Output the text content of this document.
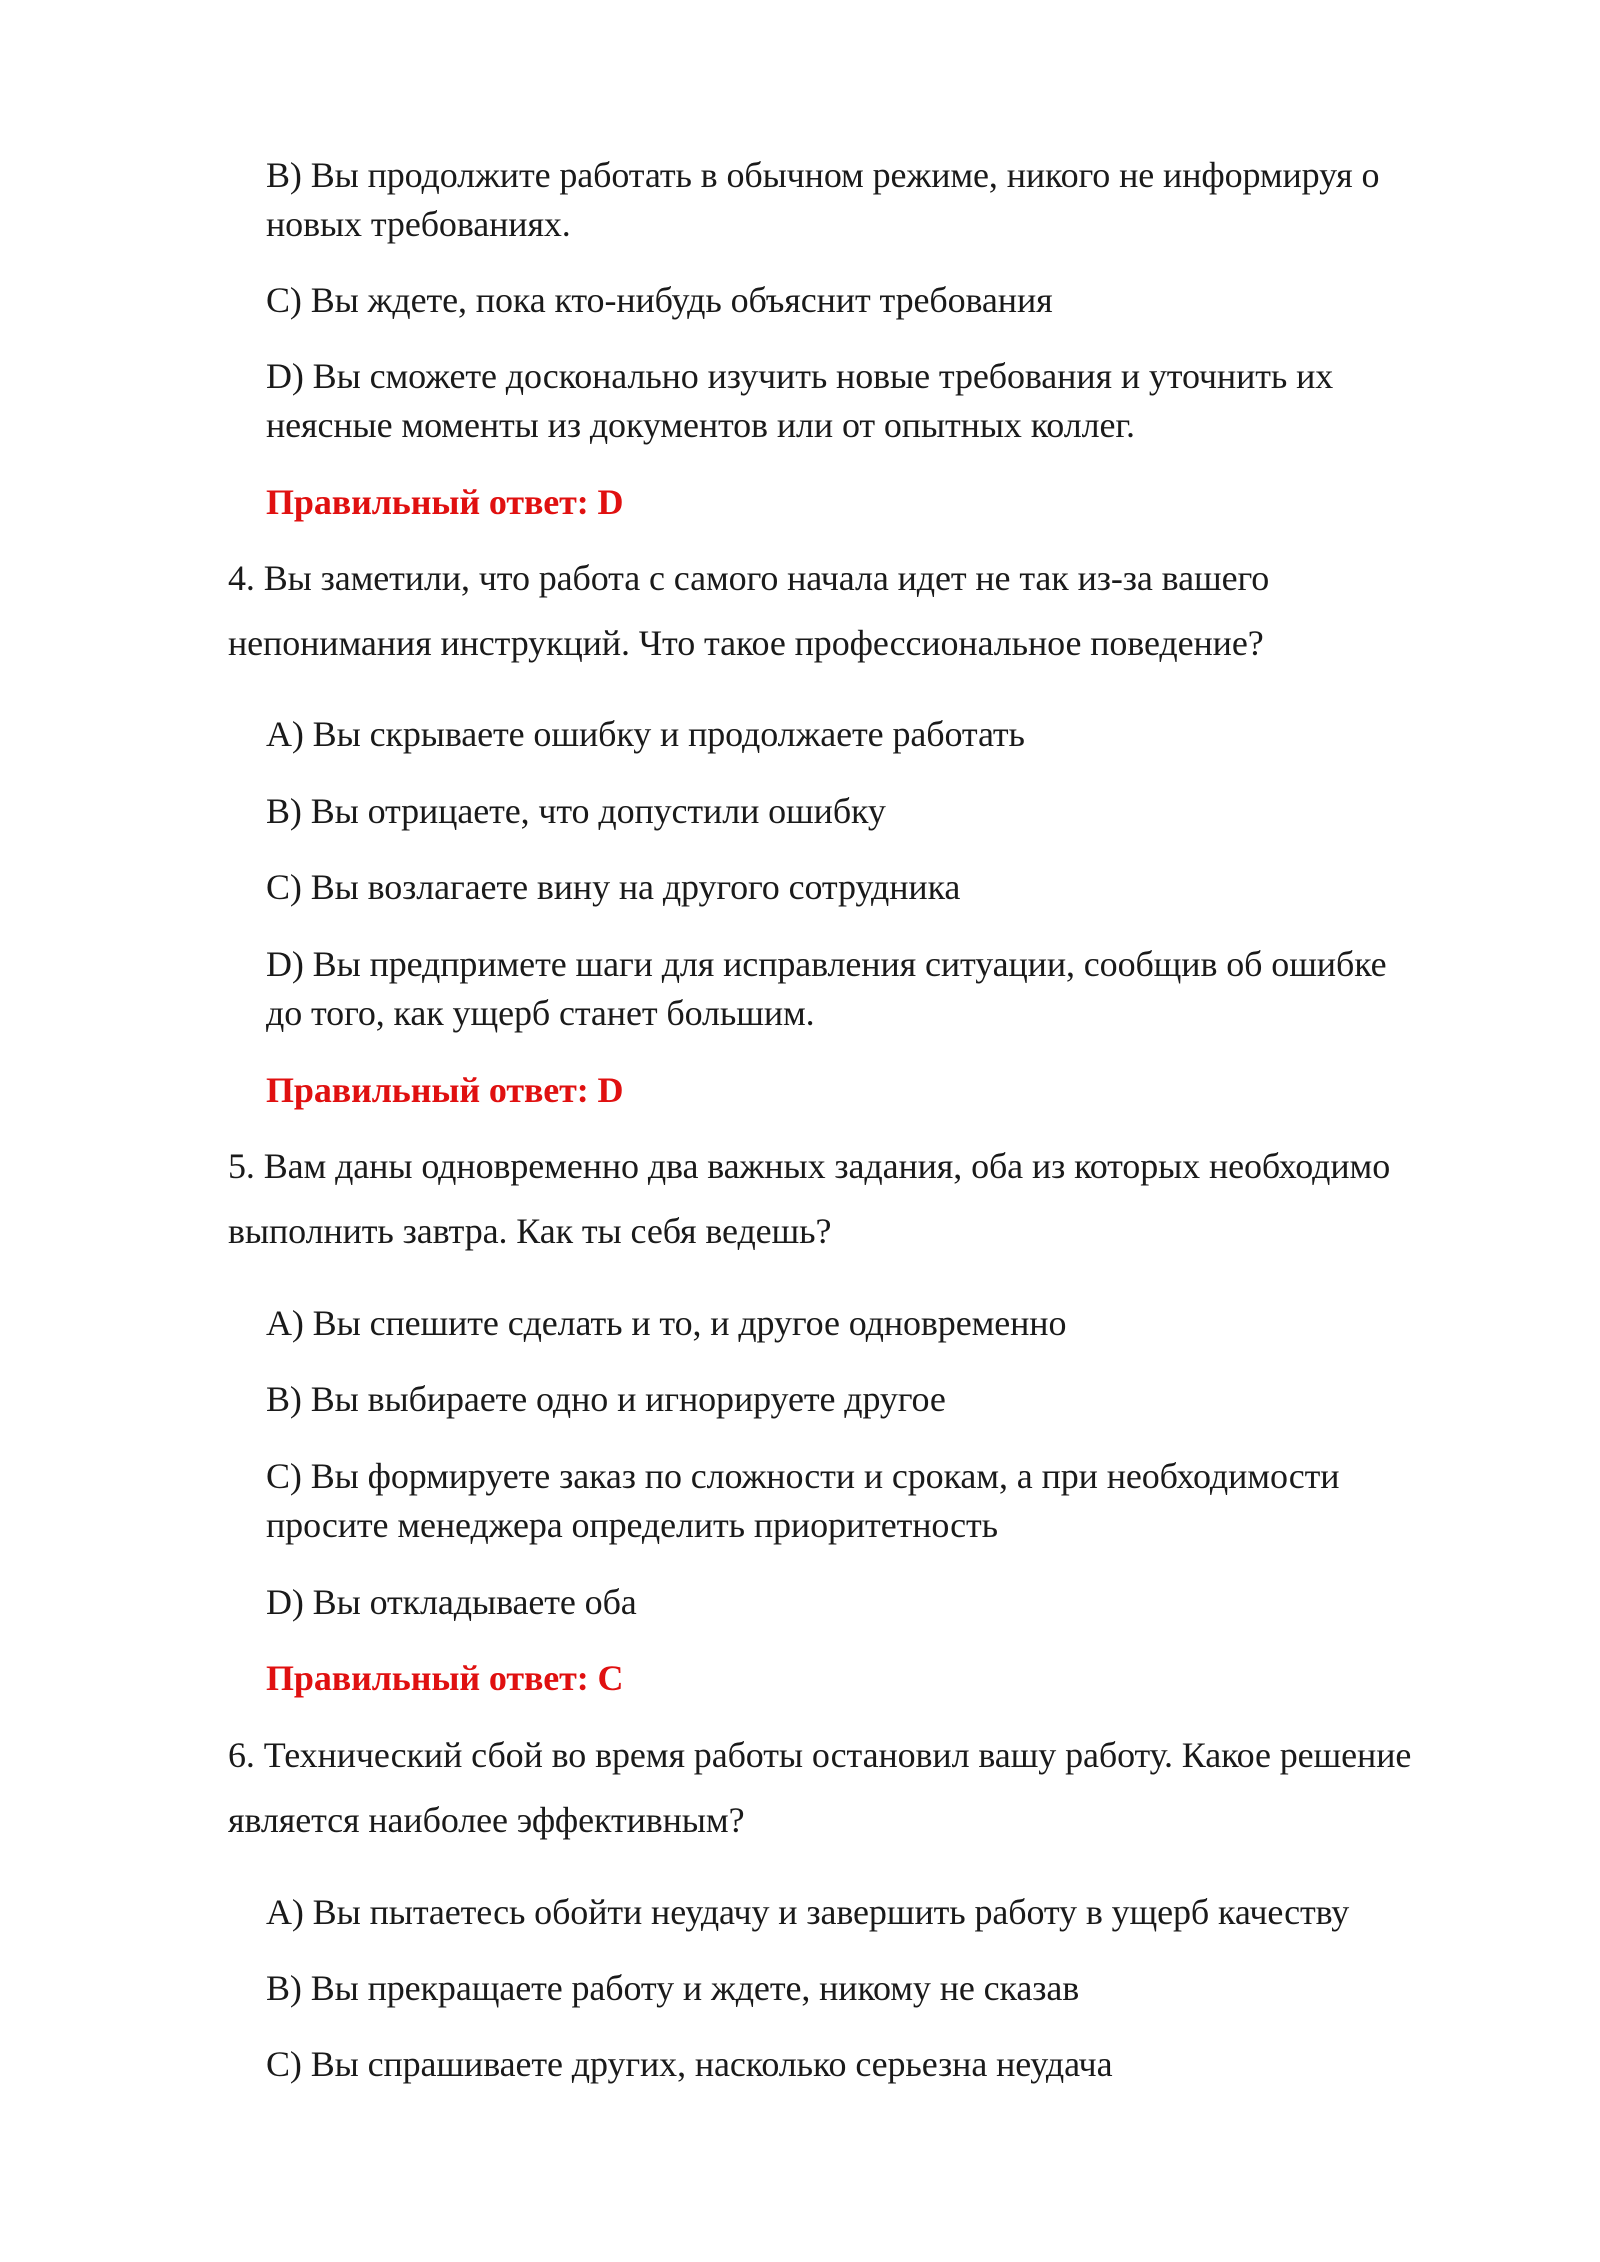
B) Вы продолжите работать в обычном режиме, никого не информируя о
новых требованиях.
C) Вы ждете, пока кто-нибудь объяснит требования
D) Вы сможете досконально изучить новые требования и уточнить их
неясные моменты из документов или от опытных коллег.
Правильный ответ: D
4. Вы заметили, что работа с самого начала идет не так из-за вашего
непонимания инструкций. Что такое профессиональное поведение?
A) Вы скрываете ошибку и продолжаете работать
B) Вы отрицаете, что допустили ошибку
C) Вы возлагаете вину на другого сотрудника
D) Вы предпримете шаги для исправления ситуации, сообщив об ошибке
до того, как ущерб станет большим.
Правильный ответ: D
5. Вам даны одновременно два важных задания, оба из которых необходимо
выполнить завтра. Как ты себя ведешь?
A) Вы спешите сделать и то, и другое одновременно
B) Вы выбираете одно и игнорируете другое
C) Вы формируете заказ по сложности и срокам, а при необходимости
просите менеджера определить приоритетность
D) Вы откладываете оба
Правильный ответ: C
6. Технический сбой во время работы остановил вашу работу. Какое решение
является наиболее эффективным?
A) Вы пытаетесь обойти неудачу и завершить работу в ущерб качеству
B) Вы прекращаете работу и ждете, никому не сказав
C) Вы спрашиваете других, насколько серьезна неудача
